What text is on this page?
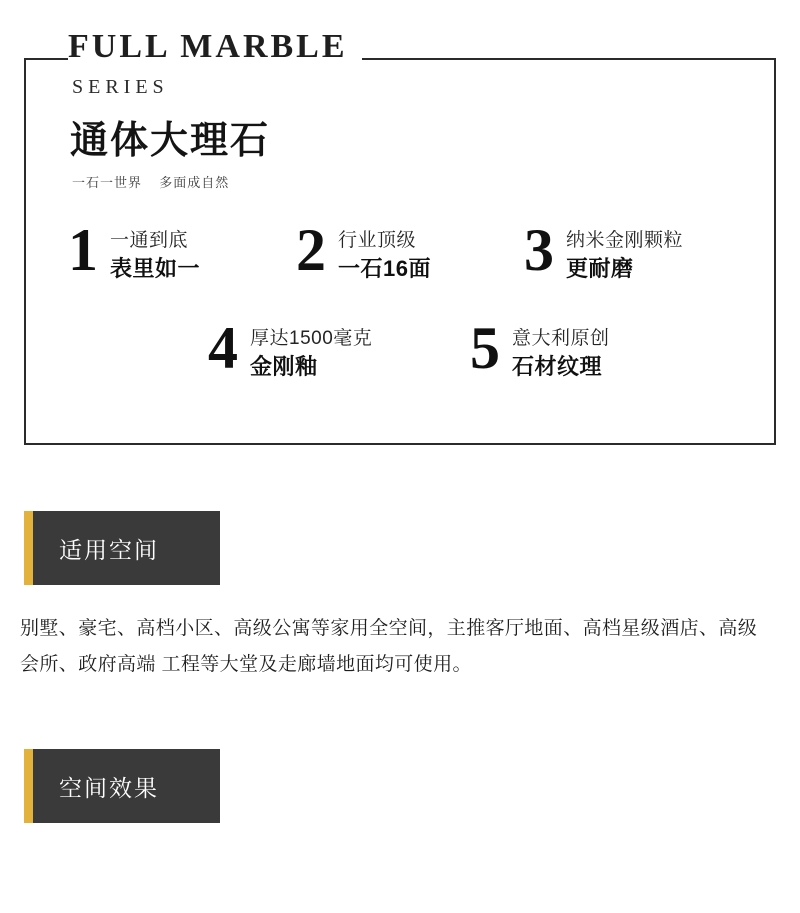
FULL MARBLE
SERIES
通体大理石
一石一世界 多面成自然
1 一通到底
表里如一 2 行业顶级
一石16面 3 纳米金刚颗粒
更耐磨
4 厚达1500毫克
金刚釉	5 意大利原创
石材纹理
适用空间
别墅、豪宅、高档小区、高级公寓等家用全空间，主推客厅地面、高档星级酒店、高级会所、政府高端 工程等大堂及走廊墙地面均可使用。
空间效果
